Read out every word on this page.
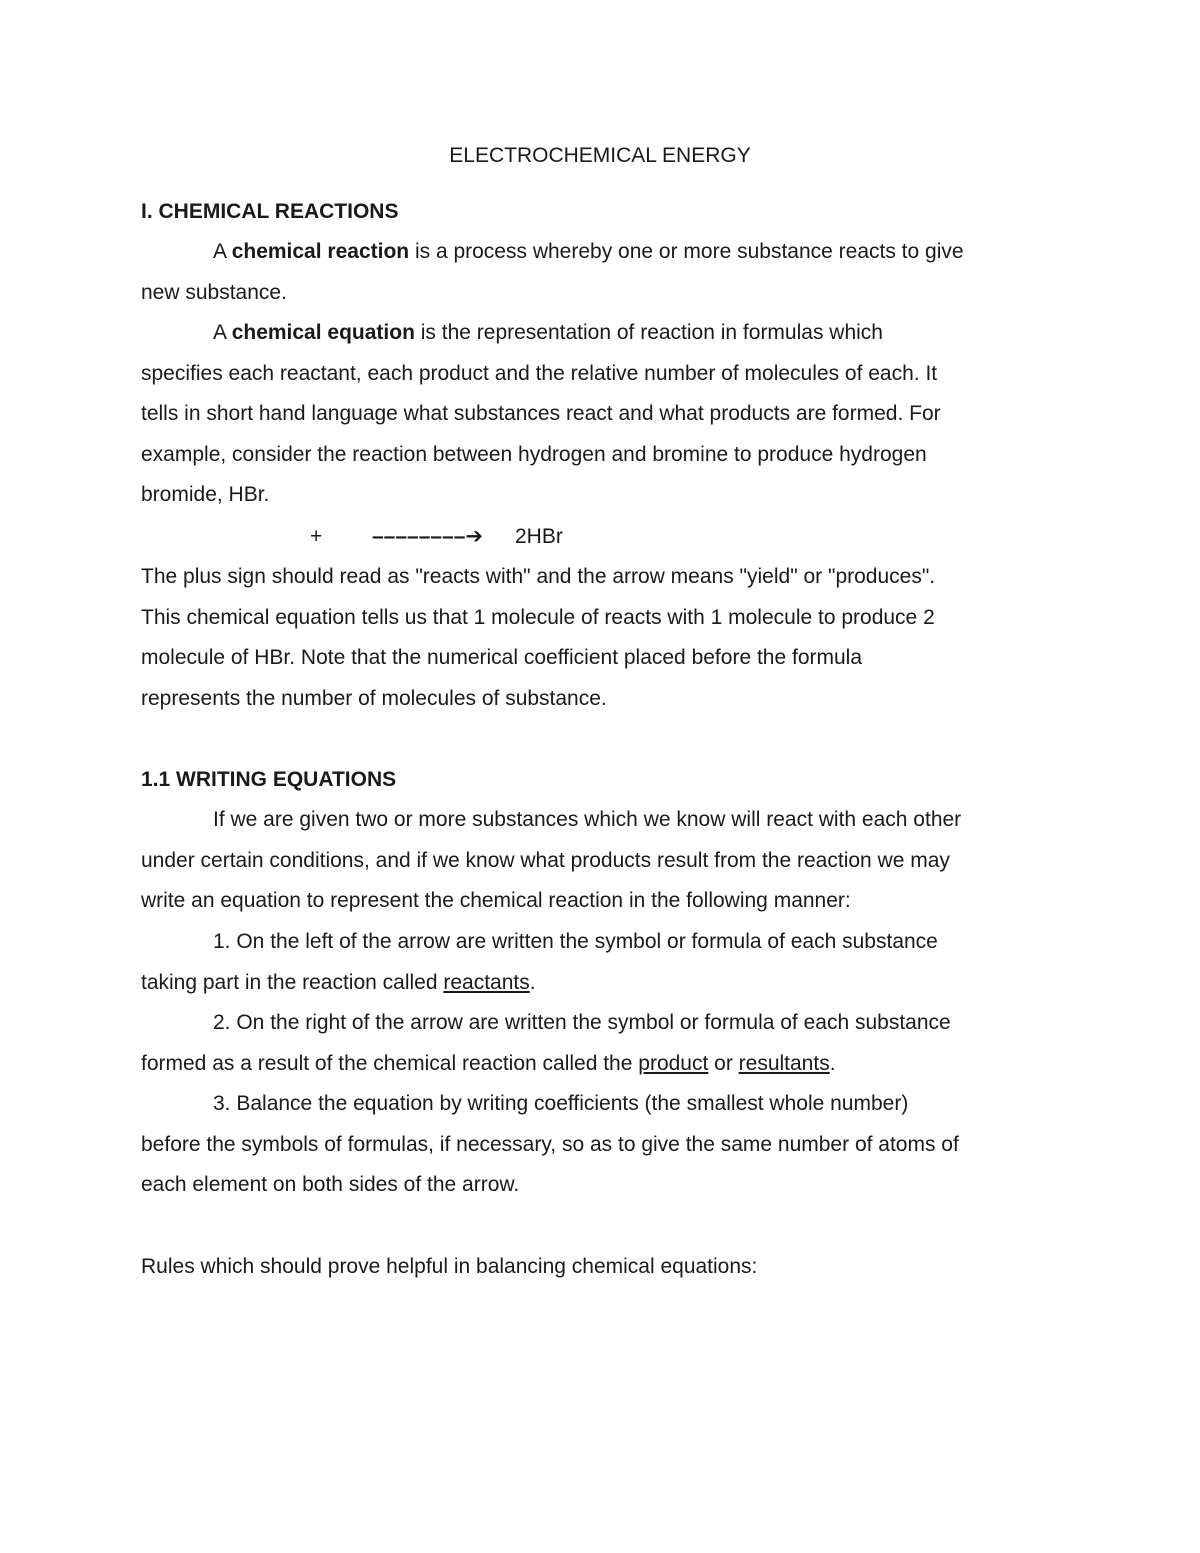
ELECTROCHEMICAL ENERGY
I. CHEMICAL REACTIONS

A chemical reaction is a process whereby one or more substance reacts to give

new substance.

A chemical equation is the representation of reaction in formulas which

specifies each reactant, each product and the relative number of molecules of each. It

tells in short hand language what substances react and what products are formed. For

example, consider the reaction between hydrogen and bromine to produce hydrogen

bromide, HBr.

+ ––––––––➔ 2HBr

The plus sign should read as "reacts with" and the arrow means "yield" or "produces".

This chemical equation tells us that 1 molecule of reacts with 1 molecule to produce 2

molecule of HBr. Note that the numerical coefficient placed before the formula

represents the number of molecules of substance.

1.1 WRITING EQUATIONS

If we are given two or more substances which we know will react with each other

under certain conditions, and if we know what products result from the reaction we may

write an equation to represent the chemical reaction in the following manner:

1. On the left of the arrow are written the symbol or formula of each substance

taking part in the reaction called reactants.

2. On the right of the arrow are written the symbol or formula of each substance

formed as a result of the chemical reaction called the product or resultants.

3. Balance the equation by writing coefficients (the smallest whole number)

before the symbols of formulas, if necessary, so as to give the same number of atoms of

each element on both sides of the arrow.

Rules which should prove helpful in balancing chemical equations:
